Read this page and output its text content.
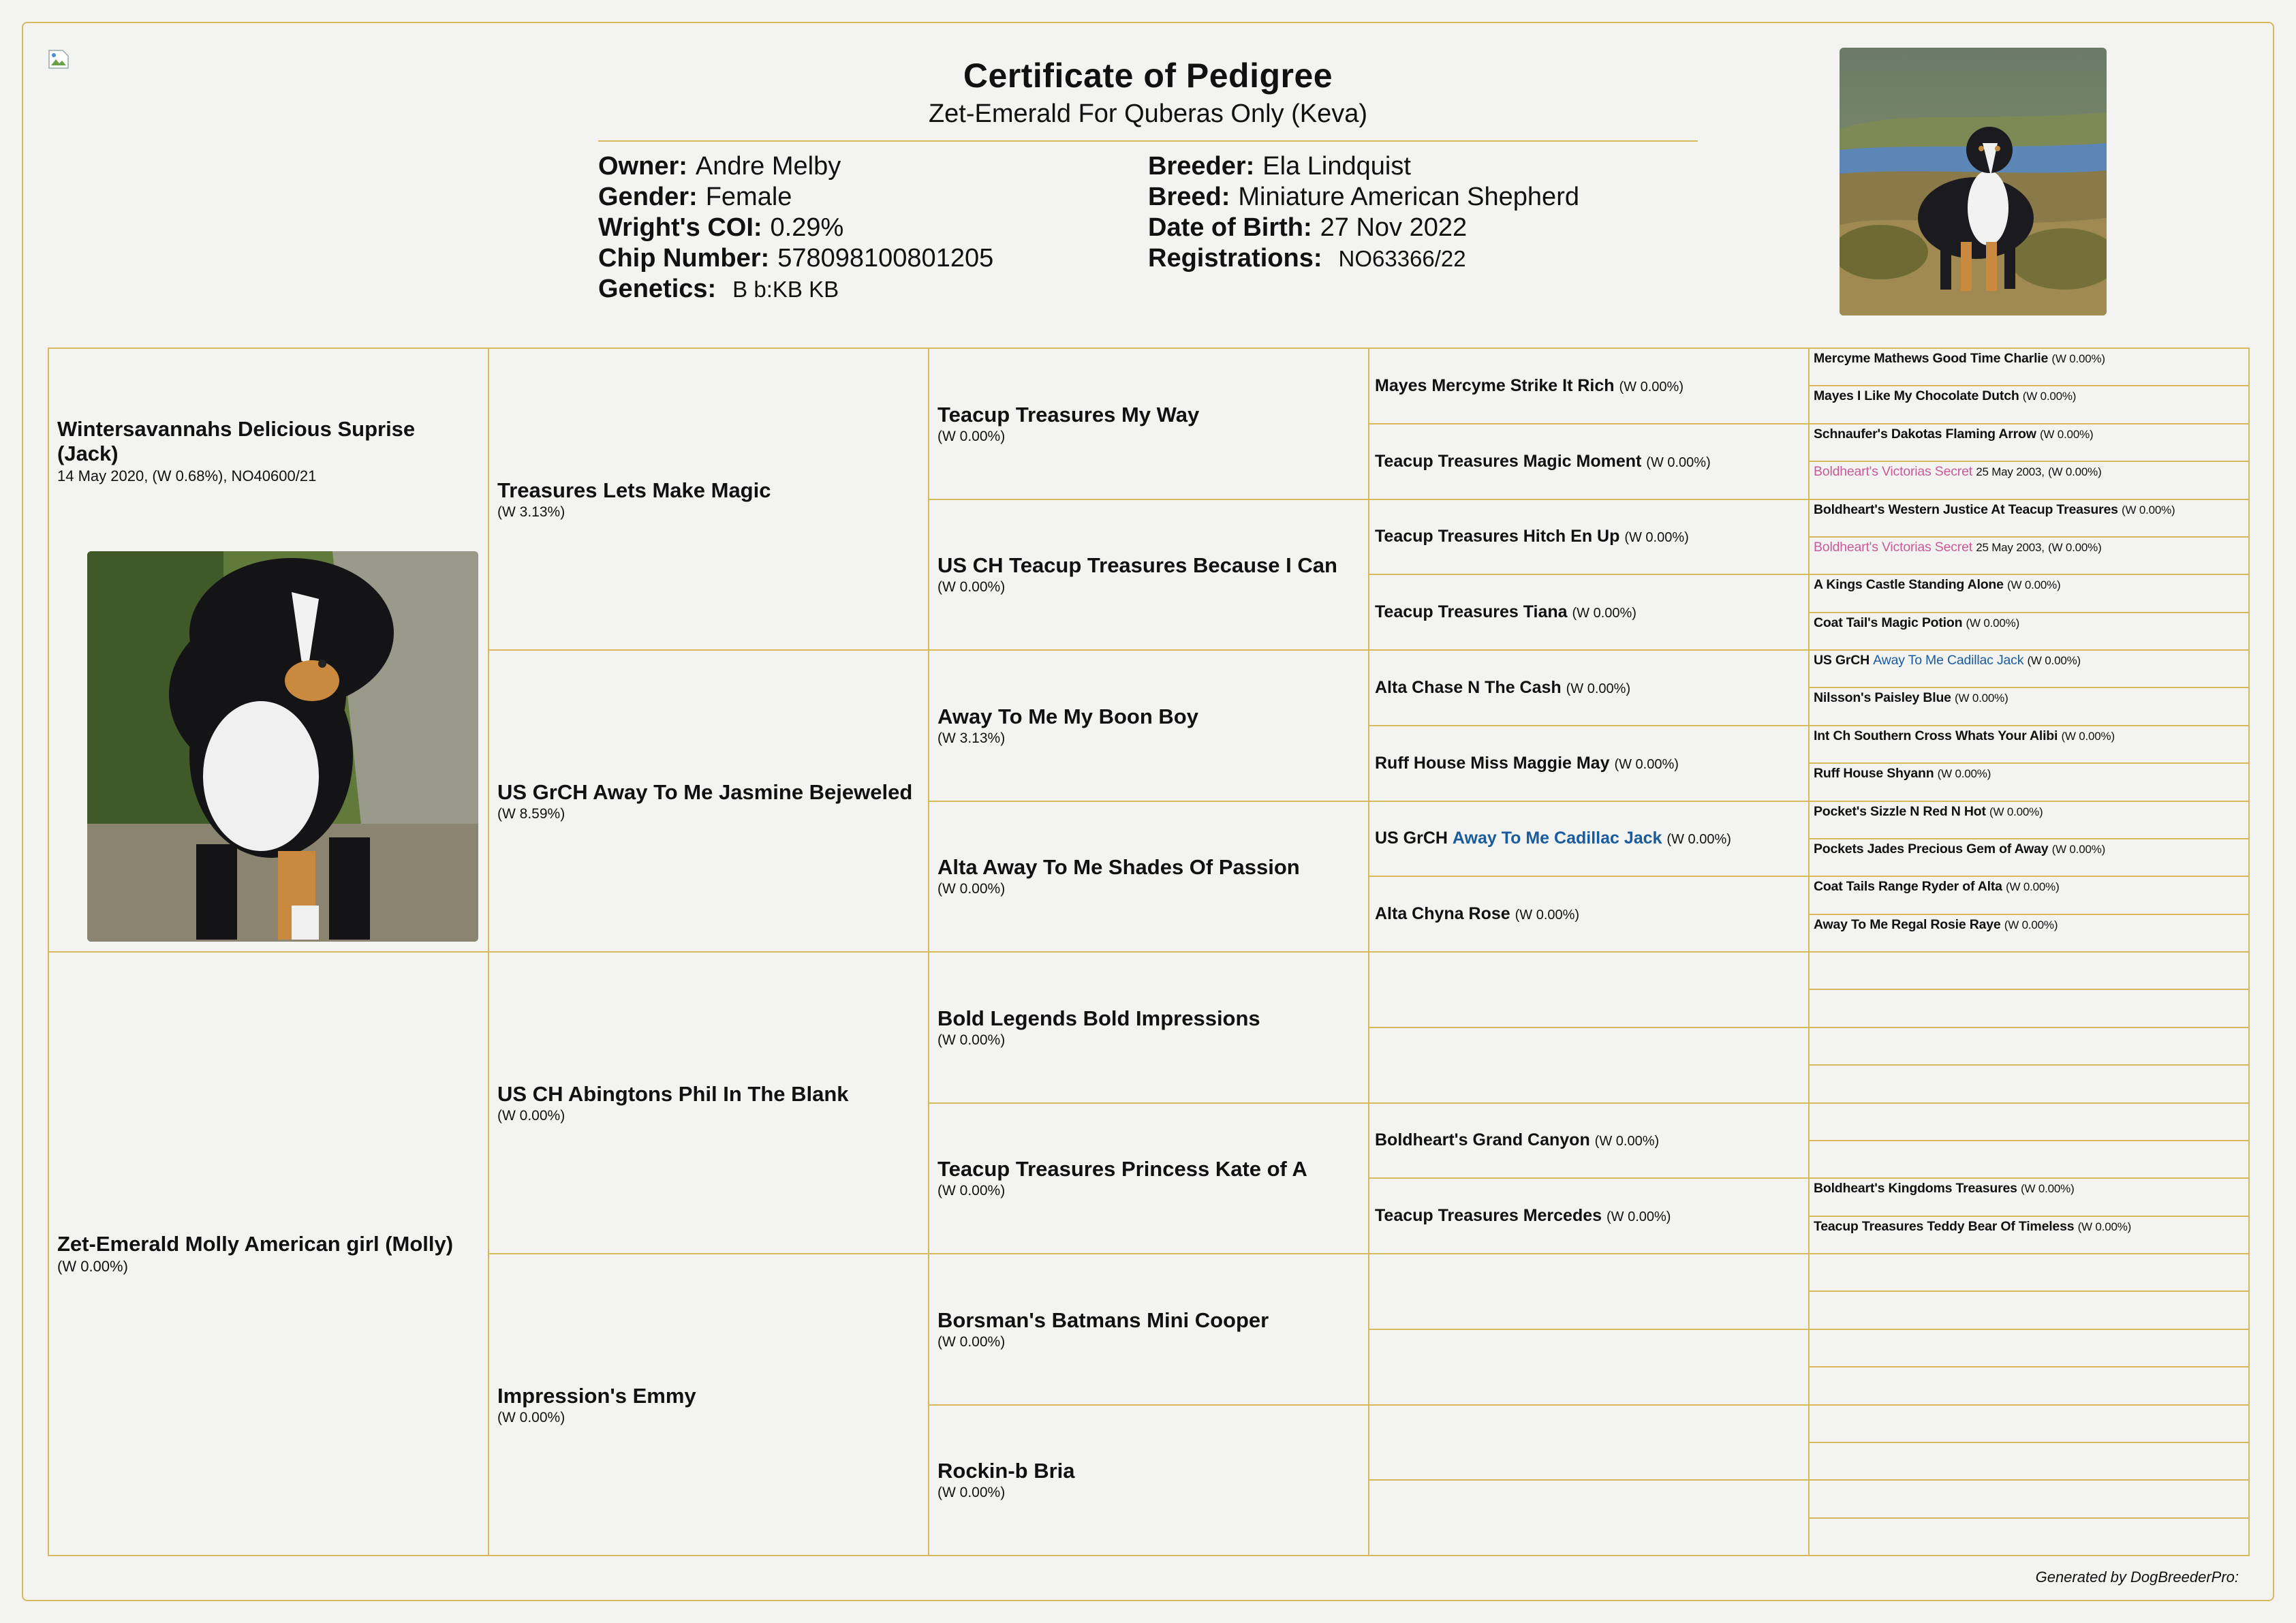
Certificate of Pedigree
Zet-Emerald For Quberas Only (Keva)
Owner: Andre Melby
Gender: Female
Wright's COI: 0.29%
Chip Number: 578098100801205
Genetics: B b:KB KB
Breeder: Ela Lindquist
Breed: Miniature American Shepherd
Date of Birth: 27 Nov 2022
Registrations: NO63366/22
Wintersavannahs Delicious Suprise (Jack)
14 May 2020, (W 0.68%), NO40600/21
Zet-Emerald Molly American girl (Molly)
(W 0.00%)
Treasures Lets Make Magic
(W 3.13%)
US GrCH Away To Me Jasmine Bejeweled
(W 8.59%)
US CH Abingtons Phil In The Blank
(W 0.00%)
Impression's Emmy
(W 0.00%)
Teacup Treasures My Way
(W 0.00%)
US CH Teacup Treasures Because I Can
(W 0.00%)
Away To Me My Boon Boy
(W 3.13%)
Alta Away To Me Shades Of Passion
(W 0.00%)
Bold Legends Bold Impressions
(W 0.00%)
Teacup Treasures Princess Kate of A
(W 0.00%)
Borsman's Batmans Mini Cooper
(W 0.00%)
Rockin-b Bria
(W 0.00%)
Mayes Mercyme Strike It Rich (W 0.00%)
Teacup Treasures Magic Moment (W 0.00%)
Teacup Treasures Hitch En Up (W 0.00%)
Teacup Treasures Tiana (W 0.00%)
Alta Chase N The Cash (W 0.00%)
Ruff House Miss Maggie May (W 0.00%)
US GrCH Away To Me Cadillac Jack (W 0.00%)
Alta Chyna Rose (W 0.00%)
Boldheart's Grand Canyon (W 0.00%)
Teacup Treasures Mercedes (W 0.00%)
Mercyme Mathews Good Time Charlie (W 0.00%)
Mayes I Like My Chocolate Dutch (W 0.00%)
Schnaufer's Dakotas Flaming Arrow (W 0.00%)
Boldheart's Victorias Secret 25 May 2003, (W 0.00%)
Boldheart's Western Justice At Teacup Treasures (W 0.00%)
Boldheart's Victorias Secret 25 May 2003, (W 0.00%)
A Kings Castle Standing Alone (W 0.00%)
Coat Tail's Magic Potion (W 0.00%)
US GrCH Away To Me Cadillac Jack (W 0.00%)
Nilsson's Paisley Blue (W 0.00%)
Int Ch Southern Cross Whats Your Alibi (W 0.00%)
Ruff House Shyann (W 0.00%)
Pocket's Sizzle N Red N Hot (W 0.00%)
Pockets Jades Precious Gem of Away (W 0.00%)
Coat Tails Range Ryder of Alta (W 0.00%)
Away To Me Regal Rosie Raye (W 0.00%)
Boldheart's Kingdoms Treasures (W 0.00%)
Teacup Treasures Teddy Bear Of Timeless (W 0.00%)
Generated by DogBreederPro:
